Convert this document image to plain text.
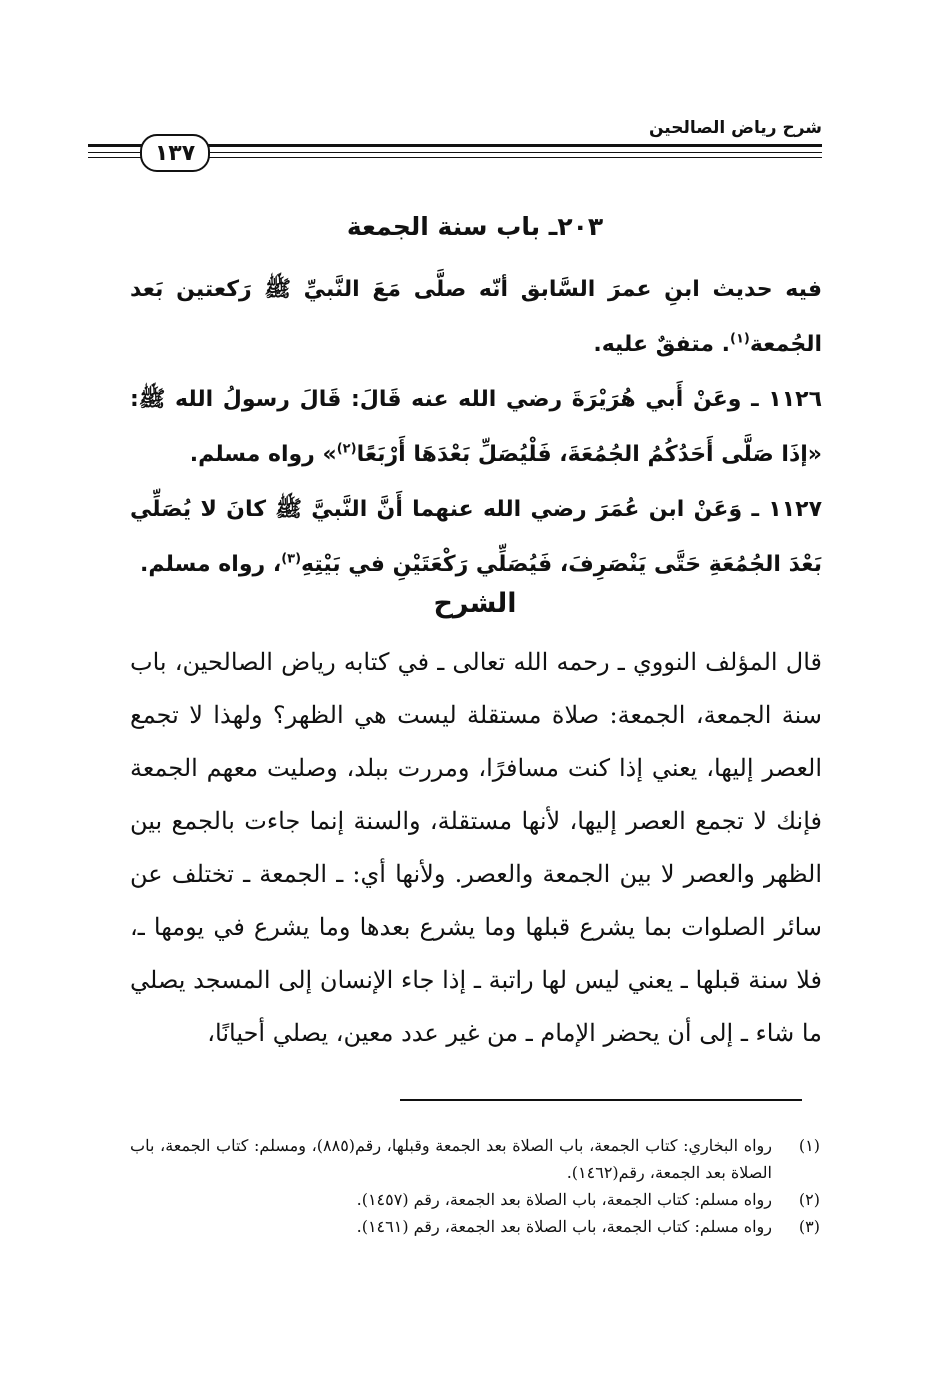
شرح رياض الصالحين
١٣٧
٢٠٣ـ باب سنة الجمعة
فيه حديث ابنِ عمرَ السَّابق أنّه صلَّى مَعَ النَّبيِّ ﷺ رَكعتين بَعد الجُمعة$^{(١)}$. متفقٌ عليه.
١١٢٦ ـ وعَنْ أَبي هُرَيْرَةَ رضي الله عنه قَالَ: قَالَ رسولُ الله ﷺ: «إذَا صَلَّى أَحَدُكُمُ الجُمُعَةَ، فَلْيُصَلِّ بَعْدَهَا أَرْبَعًا$^{(٢)}$» رواه مسلم.
١١٢٧ ـ وَعَنْ ابن عُمَرَ رضي الله عنهما أَنَّ النَّبيَّ ﷺ كانَ لا يُصَلِّي بَعْدَ الجُمُعَةِ حَتَّى يَنْصَرِفَ، فَيُصَلِّي رَكْعَتَيْنِ في بَيْتِهِ$^{(٣)}$، رواه مسلم.
الشرح
قال المؤلف النووي ـ رحمه الله تعالى ـ في كتابه رياض الصالحين، باب سنة الجمعة، الجمعة: صلاة مستقلة ليست هي الظهر؟ ولهذا لا تجمع العصر إليها، يعني إذا كنت مسافرًا، ومررت ببلد، وصليت معهم الجمعة فإنك لا تجمع العصر إليها، لأنها مستقلة، والسنة إنما جاءت بالجمع بين الظهر والعصر لا بين الجمعة والعصر. ولأنها أي: ـ الجمعة ـ تختلف عن سائر الصلوات بما يشرع قبلها وما يشرع بعدها وما يشرع في يومها ـ، فلا سنة قبلها ـ يعني ليس لها راتبة ـ إذا جاء الإنسان إلى المسجد يصلي ما شاء ـ إلى أن يحضر الإمام ـ من غير عدد معين، يصلي أحيانًا،
(١)
رواه البخاري: كتاب الجمعة، باب الصلاة بعد الجمعة وقبلها، رقم(٨٨٥)، ومسلم: كتاب الجمعة، باب الصلاة بعد الجمعة، رقم(١٤٦٢).
(٢)
رواه مسلم: كتاب الجمعة، باب الصلاة بعد الجمعة، رقم (١٤٥٧).
(٣)
رواه مسلم: كتاب الجمعة، باب الصلاة بعد الجمعة، رقم (١٤٦١).
